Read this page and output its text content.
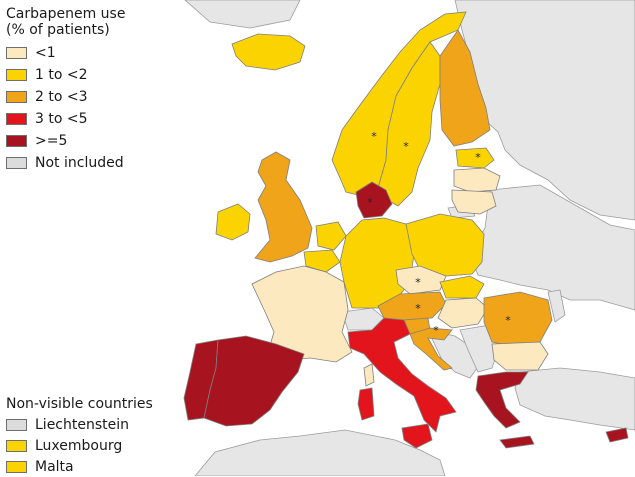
*
*
*
*
*
*
*
*
Carbapenem use
(% of patients)
<1
1 to <2
2 to <3
3 to <5
>=5
Not included
Non-visible countries
Liechtenstein
Luxembourg
Malta
